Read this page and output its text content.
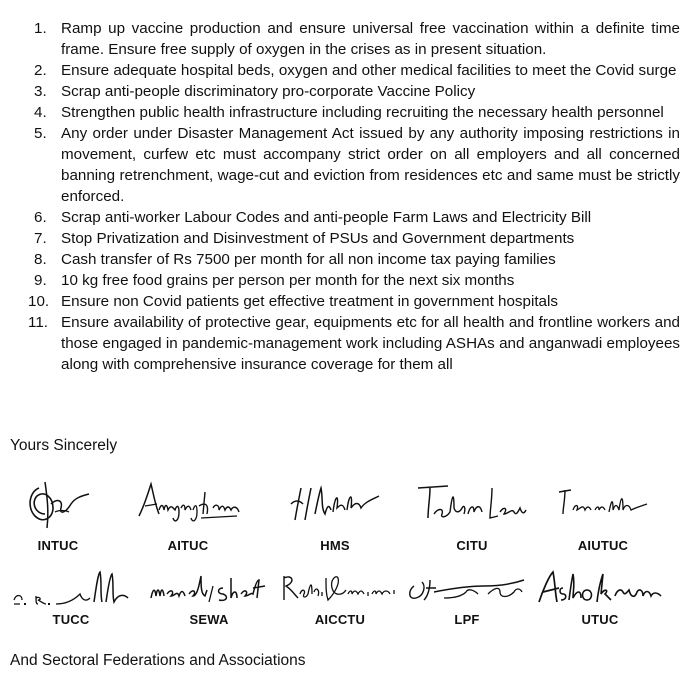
1. Ramp up vaccine production and ensure universal free vaccination within a definite time frame. Ensure free supply of oxygen in the crises as in present situation.
2. Ensure adequate hospital beds, oxygen and other medical facilities to meet the Covid surge
3. Scrap anti-people discriminatory pro-corporate Vaccine Policy
4. Strengthen public health infrastructure including recruiting the necessary health personnel
5. Any order under Disaster Management Act issued by any authority imposing restrictions in movement, curfew etc must accompany strict order on all employers and all concerned banning retrenchment, wage-cut and eviction from residences etc and same must be strictly enforced.
6. Scrap anti-worker Labour Codes and anti-people Farm Laws and Electricity Bill
7. Stop Privatization and Disinvestment of PSUs and Government departments
8. Cash transfer of Rs 7500 per month for all non income tax paying families
9. 10 kg free food grains per person per month for the next six months
10. Ensure non Covid patients get effective treatment in government hospitals
11. Ensure availability of protective gear, equipments etc for all health and frontline workers and those engaged in pandemic-management work including ASHAs and anganwadi employees along with comprehensive insurance coverage for them all
Yours Sincerely
INTUC	AITUC	HMS	CITU	AIUTUC
TUCC	SEWA	AICCTU	LPF	UTUC
And Sectoral Federations and Associations
